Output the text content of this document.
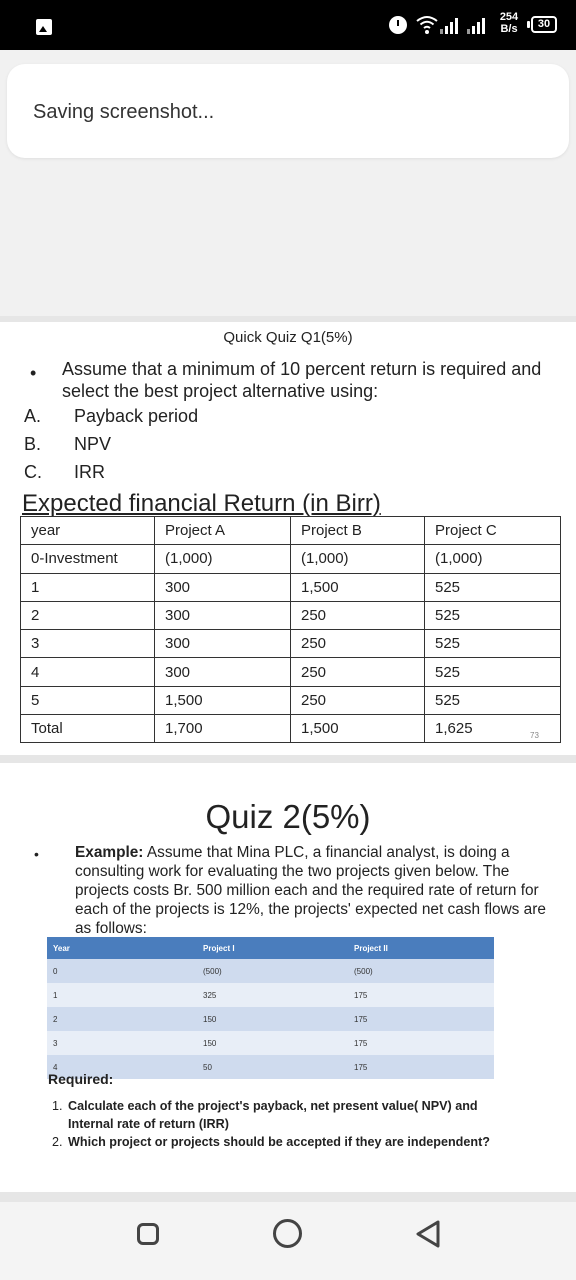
254
B/s	30
Saving screenshot...
Quick Quiz Q1(5%)
• Assume that a minimum of 10 percent return is required and select the best project alternative using:
A. Payback period
B. NPV
C. IRR
Expected financial Return (in Birr)
year	Project A	Project B	Project C
0-Investment	(1,000)	(1,000)	(1,000)
1	300	1,500	525
2	300	250	525
3	300	250	525
4	300	250	525
5	1,500	250	525
Total	1,700	1,500	1,625	73
Quiz 2(5%)
• Example: Assume that Mina PLC, a financial analyst, is doing a consulting work for evaluating the two projects given below. The projects costs Br. 500 million each and the required rate of return for each of the projects is 12%, the projects' expected net cash flows are as follows:
Year	Project I	Project II
0	(500)	(500)
1	325	175
2	150	175
3	150	175
4	50	175
Required:
1. Calculate each of the project's payback, net present value( NPV) and Internal rate of return (IRR)
2. Which project or projects should be accepted if they are independent?
